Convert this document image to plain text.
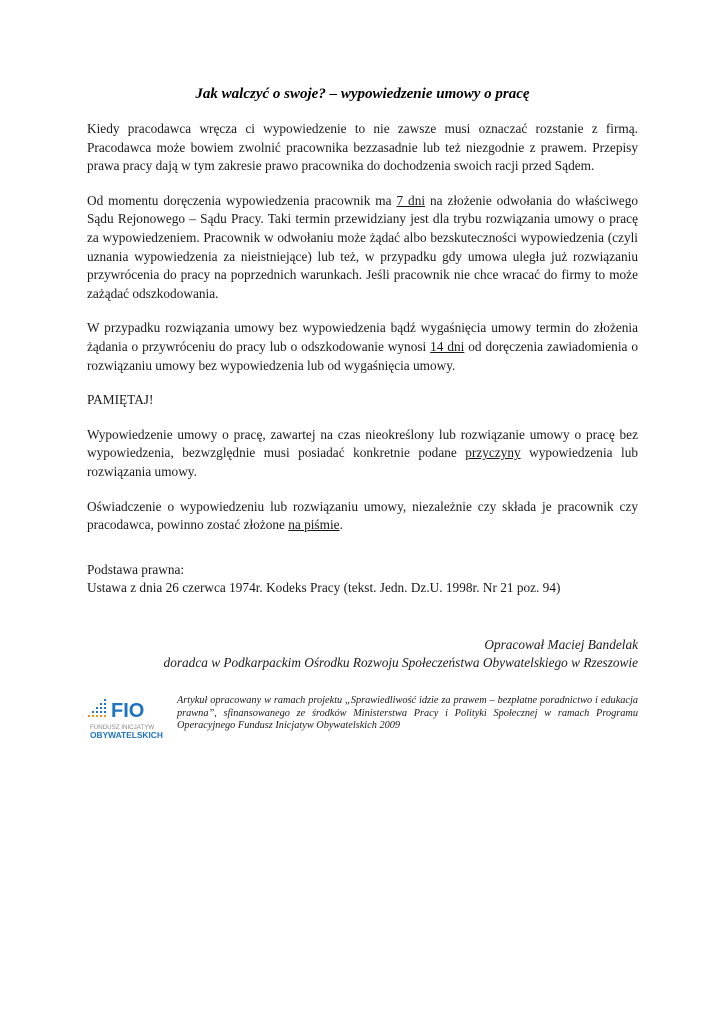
Jak walczyć o swoje? – wypowiedzenie umowy o pracę

Kiedy pracodawca wręcza ci wypowiedzenie to nie zawsze musi oznaczać rozstanie z firmą. Pracodawca może bowiem zwolnić pracownika bezzasadnie lub też niezgodnie z prawem. Przepisy prawa pracy dają w tym zakresie prawo pracownika do dochodzenia swoich racji przed Sądem.

Od momentu doręczenia wypowiedzenia pracownik ma 7 dni na złożenie odwołania do właściwego Sądu Rejonowego – Sądu Pracy. Taki termin przewidziany jest dla trybu rozwiązania umowy o pracę za wypowiedzeniem. Pracownik w odwołaniu może żądać albo bezskuteczności wypowiedzenia (czyli uznania wypowiedzenia za nieistniejące) lub też, w przypadku gdy umowa uległa już rozwiązaniu przywrócenia do pracy na poprzednich warunkach. Jeśli pracownik nie chce wracać do firmy to może zażądać odszkodowania.

W przypadku rozwiązania umowy bez wypowiedzenia bądź wygaśnięcia umowy termin do złożenia żądania o przywróceniu do pracy lub o odszkodowanie wynosi 14 dni od doręczenia zawiadomienia o rozwiązaniu umowy bez wypowiedzenia lub od wygaśnięcia umowy.

PAMIĘTAJ!

Wypowiedzenie umowy o pracę, zawartej na czas nieokreślony lub rozwiązanie umowy o pracę bez wypowiedzenia, bezwzględnie musi posiadać konkretnie podane przyczyny wypowiedzenia lub rozwiązania umowy.

Oświadczenie o wypowiedzeniu lub rozwiązaniu umowy, niezależnie czy składa je pracownik czy pracodawca, powinno zostać złożone na piśmie.

Podstawa prawna:
Ustawa z dnia 26 czerwca 1974r. Kodeks Pracy (tekst. Jedn. Dz.U. 1998r. Nr 21 poz. 94)
Opracował Maciej Bandelak
doradca w Podkarpackim Ośrodku Rozwoju Społeczeństwa Obywatelskiego w Rzeszowie
FIO
FUNDUSZ INICJATYW
OBYWATELSKICH
Artykuł opracowany w ramach projektu „Sprawiedliwość idzie za prawem – bezpłatne poradnictwo i edukacja prawna”, sfinansowanego ze środków Ministerstwa Pracy i Polityki Społecznej w ramach Programu Operacyjnego Fundusz Inicjatyw Obywatelskich 2009
